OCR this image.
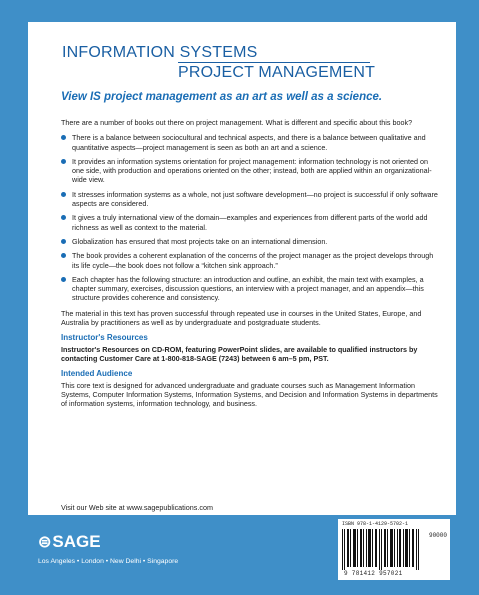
INFORMATION SYSTEMS
PROJECT MANAGEMENT
View IS project management as an art as well as a science.

There are a number of books out there on project management. What is different and specific about this book?

There is a balance between sociocultural and technical aspects, and there is a balance between qualitative and quantitative aspects—project management is seen as both an art and a science.
It provides an information systems orientation for project management: information technology is not oriented on one side, with production and operations oriented on the other; instead, both are applied within an organizational-wide view.
It stresses information systems as a whole, not just software development—no project is successful if only software aspects are considered.
It gives a truly international view of the domain—examples and experiences from different parts of the world add richness as well as context to the material.
Globalization has ensured that most projects take on an international dimension.
The book provides a coherent explanation of the concerns of the project manager as the project develops through its life cycle—the book does not follow a “kitchen sink approach.”
Each chapter has the following structure: an introduction and outline, an exhibit, the main text with examples, a chapter summary, exercises, discussion questions, an interview with a project manager, and an appendix—this structure provides coherence and consistency.

The material in this text has proven successful through repeated use in courses in the United States, Europe, and Australia by practitioners as well as by undergraduate and postgraduate students.

Instructor's Resources

Instructor's Resources on CD-ROM, featuring PowerPoint slides, are available to qualified instructors by contacting Customer Care at 1-800-818-SAGE (7243) between 6 am–5 pm, PST.

Intended Audience

This core text is designed for advanced undergraduate and graduate courses such as Management Information Systems, Computer Information Systems, Information Systems, and Decision and Information Systems in departments of information systems, information technology, and business.

Visit our Web site at www.sagepublications.com
⊜ SAGE
Los Angeles • London • New Delhi • Singapore
ISBN 978-1-4129-5702-1
90000
9 781412 957021
